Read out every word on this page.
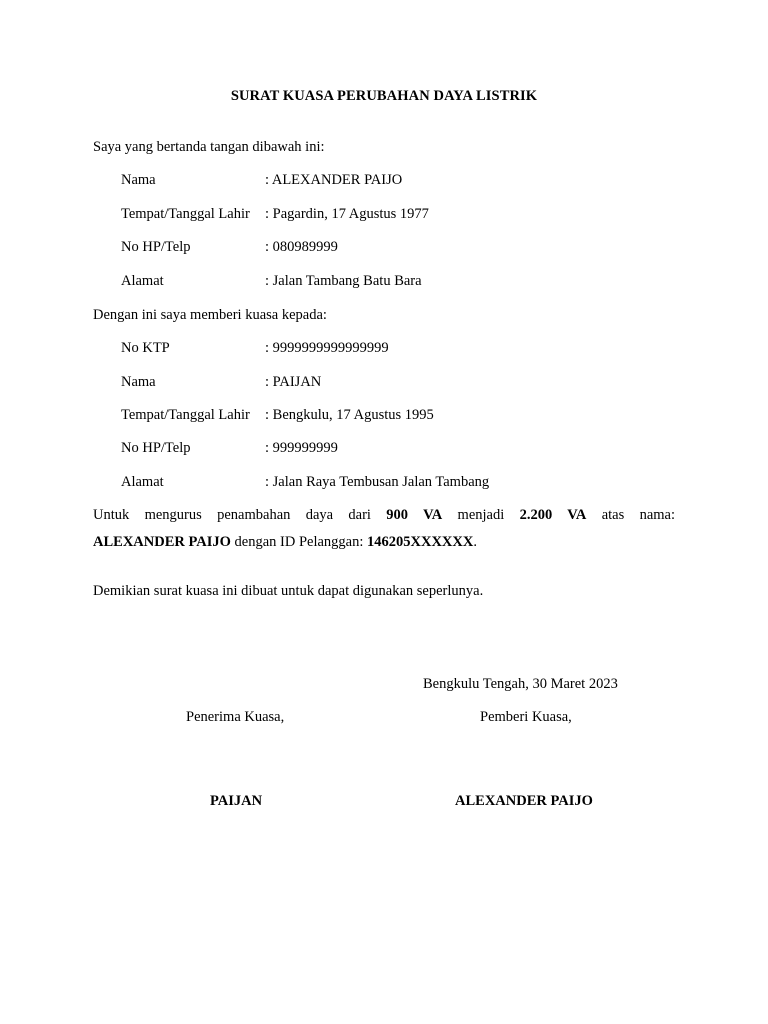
SURAT KUASA PERUBAHAN DAYA LISTRIK
Saya yang bertanda tangan dibawah ini:
Nama	: ALEXANDER PAIJO
Tempat/Tanggal Lahir : Pagardin, 17 Agustus 1977
No HP/Telp	: 080989999
Alamat	: Jalan Tambang Batu Bara
Dengan ini saya memberi kuasa kepada:
No KTP	: 9999999999999999
Nama	: PAIJAN
Tempat/Tanggal Lahir : Bengkulu, 17 Agustus 1995
No HP/Telp	: 999999999
Alamat	: Jalan Raya Tembusan Jalan Tambang
Untuk mengurus penambahan daya dari 900 VA menjadi 2.200 VA atas nama:
ALEXANDER PAIJO dengan ID Pelanggan: 146205XXXXXX.
Demikian surat kuasa ini dibuat untuk dapat digunakan seperlunya.
Bengkulu Tengah, 30 Maret 2023
Penerima Kuasa,	Pemberi Kuasa,
PAIJAN	ALEXANDER PAIJO
